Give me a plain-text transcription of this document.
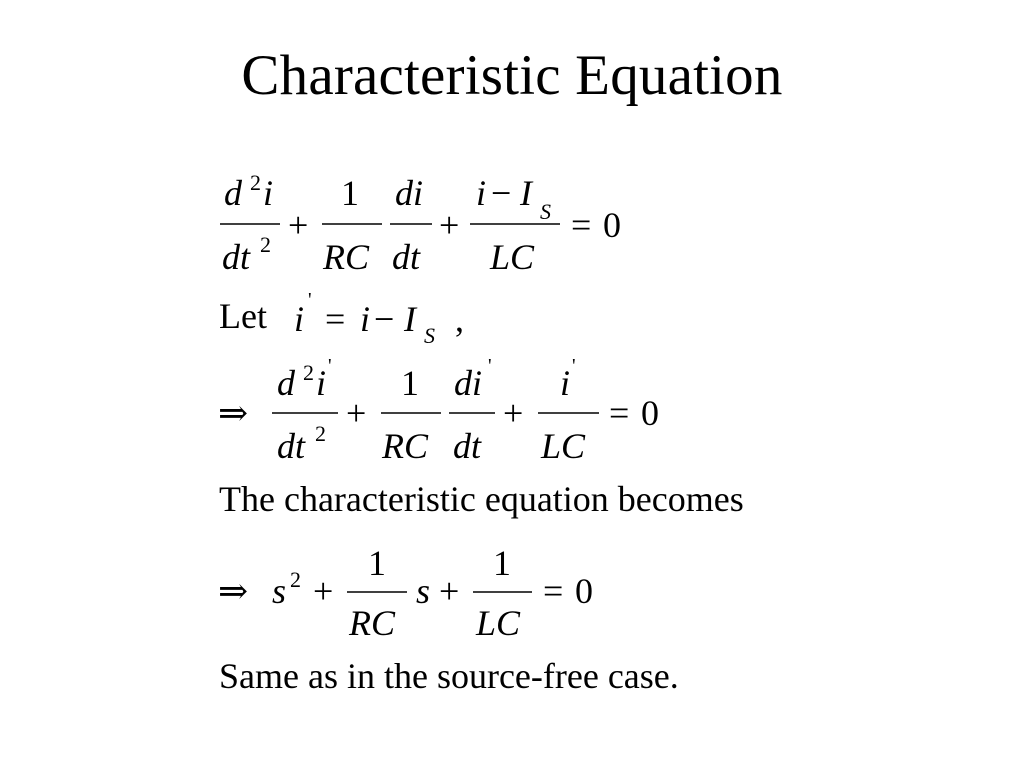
Characteristic Equation
d 2 i
dt 2 +
1
RC
di
dt
+
i − I S
LC
= 0
Let i ' = i − I S ,
⇒
d 2 i '
dt 2
+
1
RC
di '
dt
+
i '
LC
= 0
The characteristic equation becomes
⇒ s 2 +
1
RC
s +
1
LC
= 0
Same as in the source-free case.
